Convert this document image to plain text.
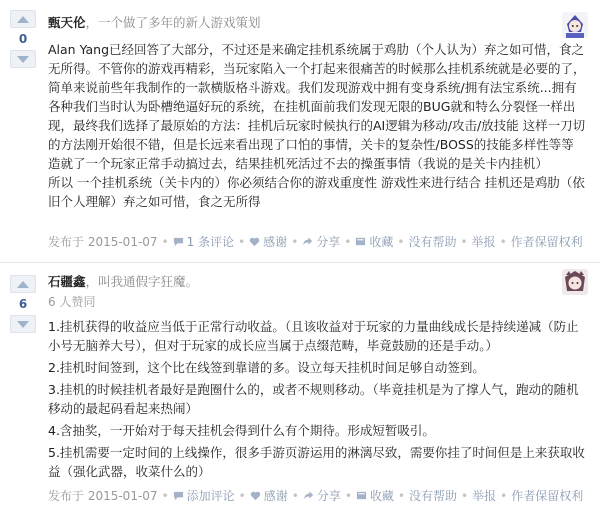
0
甄天伦，一个做了多年的新人游戏策划

Alan Yang已经回答了大部分，不过还是来确定挂机系统属于鸡肋（个人认为）弃之如可惜，食之无所得。不管你的游戏再精彩，当玩家陷入一个打起来很痛苦的时候那么挂机系统就是必要的了，简单来说前些年我制作的一款横版格斗游戏。我们发现游戏中拥有变身系统/拥有法宝系统...拥有各种我们当时认为卧槽绝逼好玩的系统，在挂机面前我们发现无限的BUG就和特么分裂怪一样出现，最终我们选择了最原始的方法：挂机后玩家时候执行的AI逻辑为移动/攻击/放技能 这样一刀切的方法刚开始很不错，但是长远来看出现了口怕的事情，关卡的复杂性/BOSS的技能多样性等等造就了一个玩家正常手动搞过去，结果挂机死活过不去的操蛋事情（我说的是关卡内挂机）

所以 一个挂机系统（关卡内的）你必须结合你的游戏重度性 游戏性来进行结合 挂机还是鸡肋（依旧个人理解）弃之如可惜，食之无所得

发布于 2015-01-07 • 1 条评论 • 感谢 • 分享 • 收藏 • 没有帮助 • 举报 • 作者保留权利
6
石疆鑫，叫我通假字狂魔。
6 人赞同

1.挂机获得的收益应当低于正常行动收益。（且该收益对于玩家的力量曲线成长是持续递减（防止小号无脑养大号），但对于玩家的成长应当属于点缀范畴，毕竟鼓励的还是手动。）

2.挂机时间签到，这个比在线签到靠谱的多。设立每天挂机时间足够自动签到。

3.挂机的时候挂机者最好是跑圈什么的，或者不规则移动。（毕竟挂机是为了撑人气，跑动的随机移动的最起码看起来热闹）

4.含抽奖，一开始对于每天挂机会得到什么有个期待。形成短暂吸引。

5.挂机需要一定时间的上线操作，很多手游页游运用的淋漓尽致，需要你挂了时间但是上来获取收益（强化武器，收菜什么的）

发布于 2015-01-07 • 添加评论 • 感谢 • 分享 • 收藏 • 没有帮助 • 举报 • 作者保留权利
